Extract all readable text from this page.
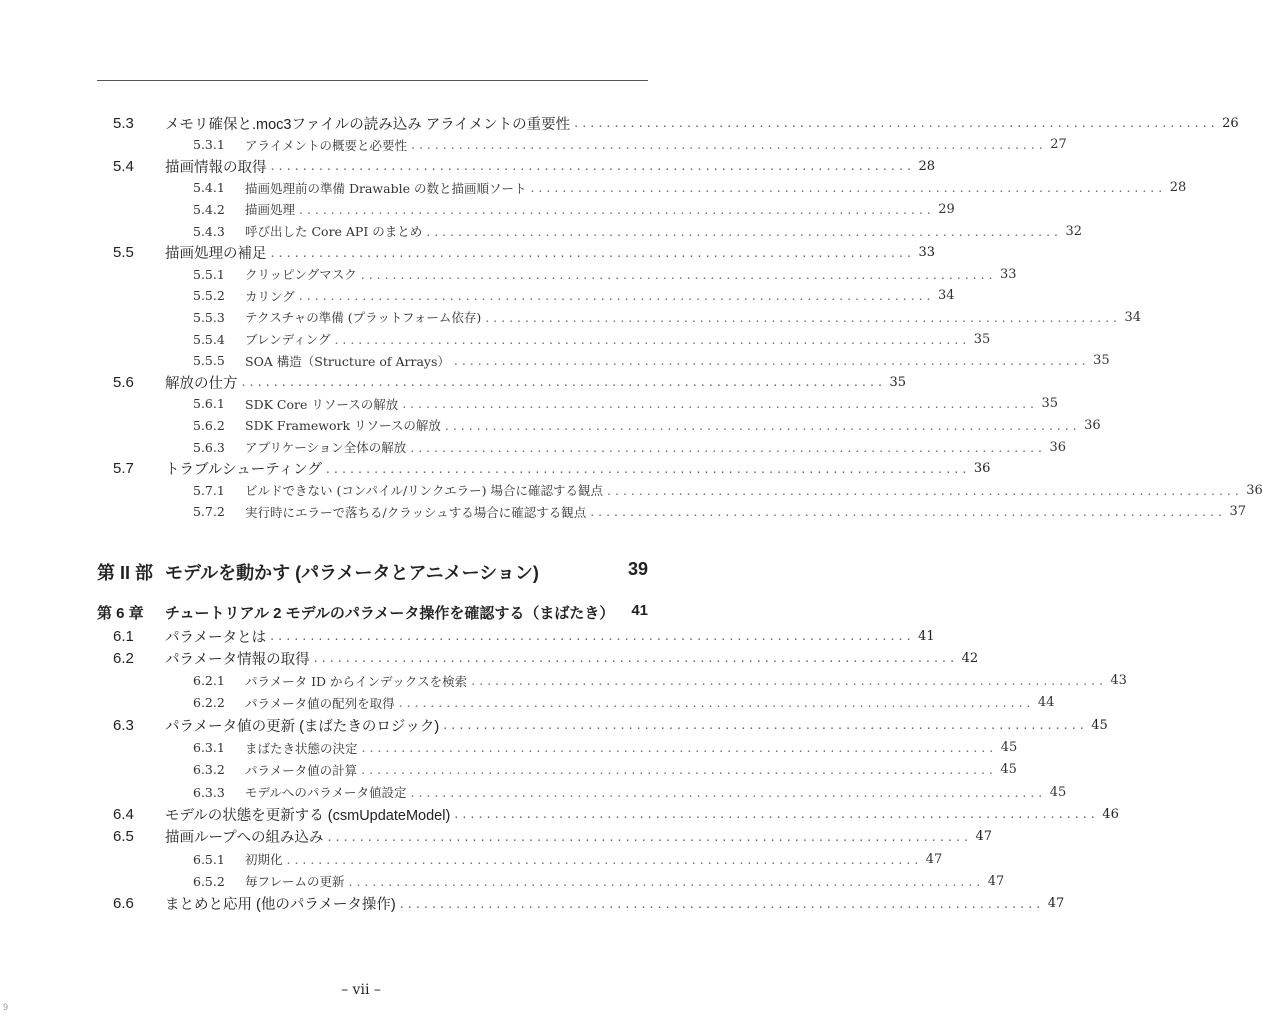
5.3 メモリ確保と.moc3ファイルの読み込み アライメントの重要性 . . . . . . . . . . . . . . . . . . . . . . . . . . . . . . . . . . . . . . . . . . . . . . . . . . . . . . . . . . . . . . . . . . . . . . . . . . . . . . . . 26
5.3.1 アライメントの概要と必要性 . . . . . . . . . . . . . . . . . . . . . . . . . . . . . . . . . . . . . . . . . . . . . . . . . . . . . . . . . . . . . . . . . . . . . . . . . . . . . . . . 27
5.4 描画情報の取得 . . . . . . . . . . . . . . . . . . . . . . . . . . . . . . . . . . . . . . . . . . . . . . . . . . . . . . . . . . . . . . . . . . . . . . . . . . . . . . . . 28
5.4.1 描画処理前の準備 Drawable の数と描画順ソート . . . . . . . . . . . . . . . . . . . . . . . . . . . . . . . . . . . . . . . . . . . . . . . . . . . . . . . . . . . . . . . . . . . . . . . . . . . . . . . . 28
5.4.2 描画処理 . . . . . . . . . . . . . . . . . . . . . . . . . . . . . . . . . . . . . . . . . . . . . . . . . . . . . . . . . . . . . . . . . . . . . . . . . . . . . . . . 29
5.4.3 呼び出した Core API のまとめ . . . . . . . . . . . . . . . . . . . . . . . . . . . . . . . . . . . . . . . . . . . . . . . . . . . . . . . . . . . . . . . . . . . . . . . . . . . . . . . . 32
5.5 描画処理の補足 . . . . . . . . . . . . . . . . . . . . . . . . . . . . . . . . . . . . . . . . . . . . . . . . . . . . . . . . . . . . . . . . . . . . . . . . . . . . . . . . 33
5.5.1 クリッピングマスク . . . . . . . . . . . . . . . . . . . . . . . . . . . . . . . . . . . . . . . . . . . . . . . . . . . . . . . . . . . . . . . . . . . . . . . . . . . . . . . . 33
5.5.2 カリング . . . . . . . . . . . . . . . . . . . . . . . . . . . . . . . . . . . . . . . . . . . . . . . . . . . . . . . . . . . . . . . . . . . . . . . . . . . . . . . . 34
5.5.3 テクスチャの準備 (プラットフォーム依存) . . . . . . . . . . . . . . . . . . . . . . . . . . . . . . . . . . . . . . . . . . . . . . . . . . . . . . . . . . . . . . . . . . . . . . . . . . . . . . . . 34
5.5.4 ブレンディング . . . . . . . . . . . . . . . . . . . . . . . . . . . . . . . . . . . . . . . . . . . . . . . . . . . . . . . . . . . . . . . . . . . . . . . . . . . . . . . . 35
5.5.5 SOA 構造（Structure of Arrays） . . . . . . . . . . . . . . . . . . . . . . . . . . . . . . . . . . . . . . . . . . . . . . . . . . . . . . . . . . . . . . . . . . . . . . . . . . . . . . . . 35
5.6 解放の仕方 . . . . . . . . . . . . . . . . . . . . . . . . . . . . . . . . . . . . . . . . . . . . . . . . . . . . . . . . . . . . . . . . . . . . . . . . . . . . . . . . 35
5.6.1 SDK Core リソースの解放 . . . . . . . . . . . . . . . . . . . . . . . . . . . . . . . . . . . . . . . . . . . . . . . . . . . . . . . . . . . . . . . . . . . . . . . . . . . . . . . . 35
5.6.2 SDK Framework リソースの解放 . . . . . . . . . . . . . . . . . . . . . . . . . . . . . . . . . . . . . . . . . . . . . . . . . . . . . . . . . . . . . . . . . . . . . . . . . . . . . . . . 36
5.6.3 アプリケーション全体の解放 . . . . . . . . . . . . . . . . . . . . . . . . . . . . . . . . . . . . . . . . . . . . . . . . . . . . . . . . . . . . . . . . . . . . . . . . . . . . . . . . 36
5.7 トラブルシューティング . . . . . . . . . . . . . . . . . . . . . . . . . . . . . . . . . . . . . . . . . . . . . . . . . . . . . . . . . . . . . . . . . . . . . . . . . . . . . . . . 36
5.7.1 ビルドできない (コンパイル/リンクエラー) 場合に確認する観点 . . . . . . . . . . . . . . . . . . . . . . . . . . . . . . . . . . . . . . . . . . . . . . . . . . . . . . . . . . . . . . . . . . . . . . . . . . . . . . . . 36
5.7.2 実行時にエラーで落ちる/クラッシュする場合に確認する観点 . . . . . . . . . . . . . . . . . . . . . . . . . . . . . . . . . . . . . . . . . . . . . . . . . . . . . . . . . . . . . . . . . . . . . . . . . . . . . . . . 37
第 II 部 モデルを動かす (パラメータとアニメーション)	39
第 6 章	チュートリアル 2 モデルのパラメータ操作を確認する（まばたき）	41
6.1 パラメータとは . . . . . . . . . . . . . . . . . . . . . . . . . . . . . . . . . . . . . . . . . . . . . . . . . . . . . . . . . . . . . . . . . . . . . . . . . . . . . . . . 41
6.2 パラメータ情報の取得 . . . . . . . . . . . . . . . . . . . . . . . . . . . . . . . . . . . . . . . . . . . . . . . . . . . . . . . . . . . . . . . . . . . . . . . . . . . . . . . . 42
6.2.1 パラメータ ID からインデックスを検索 . . . . . . . . . . . . . . . . . . . . . . . . . . . . . . . . . . . . . . . . . . . . . . . . . . . . . . . . . . . . . . . . . . . . . . . . . . . . . . . . 43
6.2.2 パラメータ値の配列を取得 . . . . . . . . . . . . . . . . . . . . . . . . . . . . . . . . . . . . . . . . . . . . . . . . . . . . . . . . . . . . . . . . . . . . . . . . . . . . . . . . 44
6.3 パラメータ値の更新 (まばたきのロジック) . . . . . . . . . . . . . . . . . . . . . . . . . . . . . . . . . . . . . . . . . . . . . . . . . . . . . . . . . . . . . . . . . . . . . . . . . . . . . . . . 45
6.3.1 まばたき状態の決定 . . . . . . . . . . . . . . . . . . . . . . . . . . . . . . . . . . . . . . . . . . . . . . . . . . . . . . . . . . . . . . . . . . . . . . . . . . . . . . . . 45
6.3.2 パラメータ値の計算 . . . . . . . . . . . . . . . . . . . . . . . . . . . . . . . . . . . . . . . . . . . . . . . . . . . . . . . . . . . . . . . . . . . . . . . . . . . . . . . . 45
6.3.3 モデルへのパラメータ値設定 . . . . . . . . . . . . . . . . . . . . . . . . . . . . . . . . . . . . . . . . . . . . . . . . . . . . . . . . . . . . . . . . . . . . . . . . . . . . . . . . 45
6.4 モデルの状態を更新する (csmUpdateModel) . . . . . . . . . . . . . . . . . . . . . . . . . . . . . . . . . . . . . . . . . . . . . . . . . . . . . . . . . . . . . . . . . . . . . . . . . . . . . . . . 46
6.5 描画ループへの組み込み . . . . . . . . . . . . . . . . . . . . . . . . . . . . . . . . . . . . . . . . . . . . . . . . . . . . . . . . . . . . . . . . . . . . . . . . . . . . . . . . 47
6.5.1 初期化 . . . . . . . . . . . . . . . . . . . . . . . . . . . . . . . . . . . . . . . . . . . . . . . . . . . . . . . . . . . . . . . . . . . . . . . . . . . . . . . . 47
6.5.2 毎フレームの更新 . . . . . . . . . . . . . . . . . . . . . . . . . . . . . . . . . . . . . . . . . . . . . . . . . . . . . . . . . . . . . . . . . . . . . . . . . . . . . . . . 47
6.6 まとめと応用 (他のパラメータ操作) . . . . . . . . . . . . . . . . . . . . . . . . . . . . . . . . . . . . . . . . . . . . . . . . . . . . . . . . . . . . . . . . . . . . . . . . . . . . . . . . 47
– vii –
9
